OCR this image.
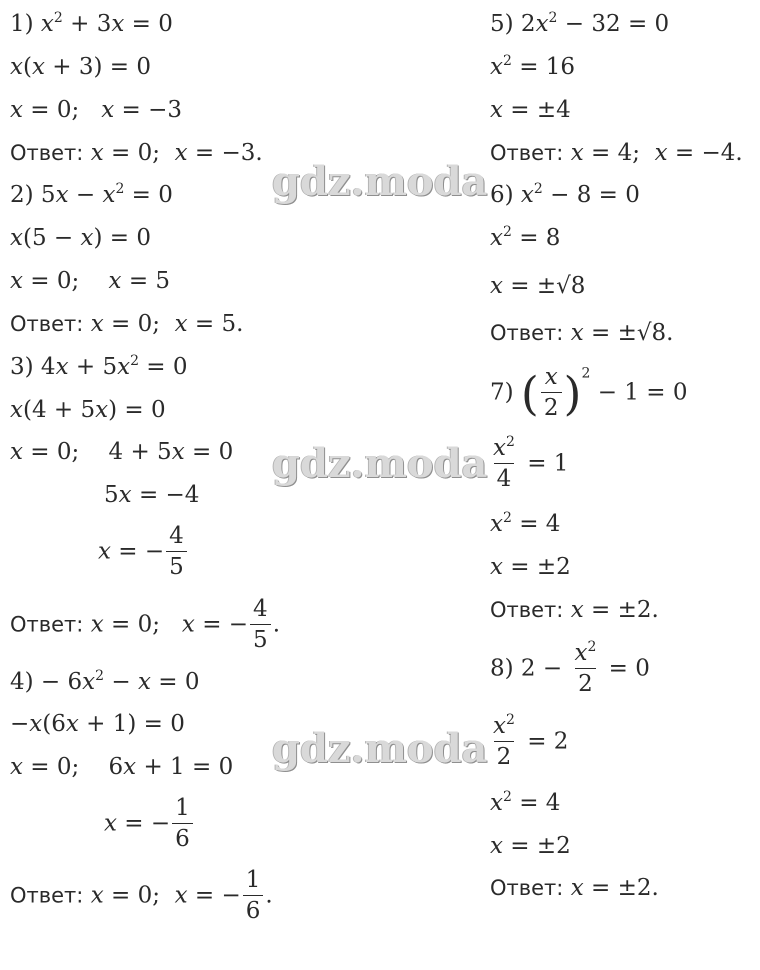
1) $x^2 + 3x = 0$
x(x + 3) = 0
x = 0; x = −3
Ответ: x = 0; x = −3.
2) $5x - x^2 = 0$
x(5 − x) = 0
x = 0; x = 5
Ответ: x = 0; x = 5.
3) $4x + 5x^2 = 0$
x(4 + 5x) = 0
x = 0; 4 + 5x = 0
5x = −4
x = − $\frac{4}{5}$
Ответ: x = 0; x = − $\frac{4}{5}$ .
$4) - 6x^2 - x = 0$
−x(6x + 1) = 0
x = 0; 6x + 1 = 0
x = − $\frac{1}{6}$
Ответ: x = 0; x = − $\frac{1}{6}$ .
5) $2x^2 - 32 = 0$
$x^2 = 16$
x = ±4
Ответ: x = 4; x = −4.
6) $x^2 - 8 = 0$
$x^2 = 8$
x = ±√8
Ответ: x = ±√8.
7) ( $\frac{x}{2} )^2 - 1 = 0$
$\frac{x^2}{4} = 1$
$x^2 = 4$
x = ±2
Ответ: x = ±2.
8) $2 - \frac{x^2}{2} = 0$
$\frac{x^2}{2} = 2$
$x^2 = 4$
x = ±2
Ответ: x = ±2.
gdz.moda
gdz.moda
gdz.moda
